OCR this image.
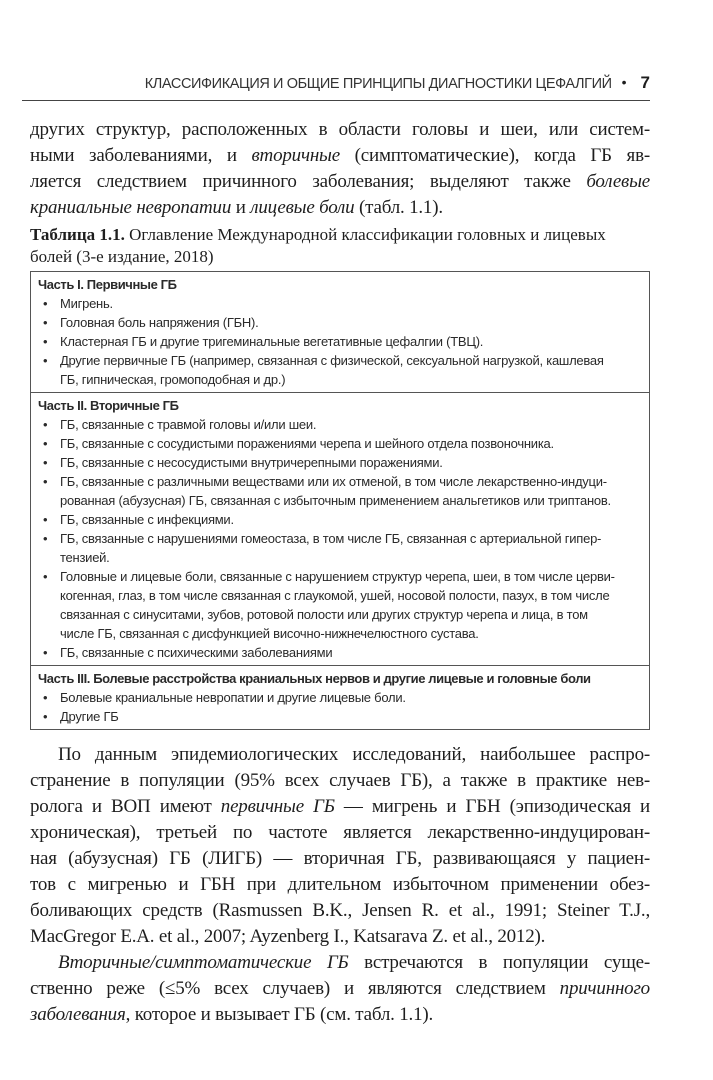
КЛАССИФИКАЦИЯ И ОБЩИЕ ПРИНЦИПЫ ДИАГНОСТИКИ ЦЕФАЛГИЙ • 7
других структур, расположенных в области головы и шеи, или систем-
ными заболеваниями, и вторичные (симптоматические), когда ГБ яв-
ляется следствием причинного заболевания; выделяют также болевые
краниальные невропатии и лицевые боли (табл. 1.1).
Таблица 1.1. Оглавление Международной классификации головных и лицевых болей (3-е издание, 2018)
Часть I. Первичные ГБ
• Мигрень.
• Головная боль напряжения (ГБН).
• Кластерная ГБ и другие тригеминальные вегетативные цефалгии (ТВЦ).
• Другие первичные ГБ (например, связанная с физической, сексуальной нагрузкой, кашлевая
ГБ, гипническая, громоподобная и др.)
Часть II. Вторичные ГБ
• ГБ, связанные с травмой головы и/или шеи.
• ГБ, связанные с сосудистыми поражениями черепа и шейного отдела позвоночника.
• ГБ, связанные с несосудистыми внутричерепными поражениями.
• ГБ, связанные с различными веществами или их отменой, в том числе лекарственно-индуци-
рованная (абузусная) ГБ, связанная с избыточным применением анальгетиков или триптанов.
• ГБ, связанные с инфекциями.
• ГБ, связанные с нарушениями гомеостаза, в том числе ГБ, связанная с артериальной гипер-
тензией.
• Головные и лицевые боли, связанные с нарушением структур черепа, шеи, в том числе церви-
когенная, глаз, в том числе связанная с глаукомой, ушей, носовой полости, пазух, в том числе
связанная с синуситами, зубов, ротовой полости или других структур черепа и лица, в том
числе ГБ, связанная с дисфункцией височно-нижнечелюстного сустава.
• ГБ, связанные с психическими заболеваниями
Часть III. Болевые расстройства краниальных нервов и другие лицевые и головные боли
• Болевые краниальные невропатии и другие лицевые боли.
• Другие ГБ
По данным эпидемиологических исследований, наибольшее распро-
странение в популяции (95% всех случаев ГБ), а также в практике нев-
ролога и ВОП имеют первичные ГБ — мигрень и ГБН (эпизодическая и
хроническая), третьей по частоте является лекарственно-индуцирован-
ная (абузусная) ГБ (ЛИГБ) — вторичная ГБ, развивающаяся у пациен-
тов с мигренью и ГБН при длительном избыточном применении обез-
боливающих средств (Rasmussen B.K., Jensen R. et al., 1991; Steiner T.J.,
MacGregor E.A. et al., 2007; Ayzenberg I., Katsarava Z. et al., 2012).
Вторичные/симптоматические ГБ встречаются в популяции суще-
ственно реже (≤5% всех случаев) и являются следствием причинного
заболевания, которое и вызывает ГБ (см. табл. 1.1).
